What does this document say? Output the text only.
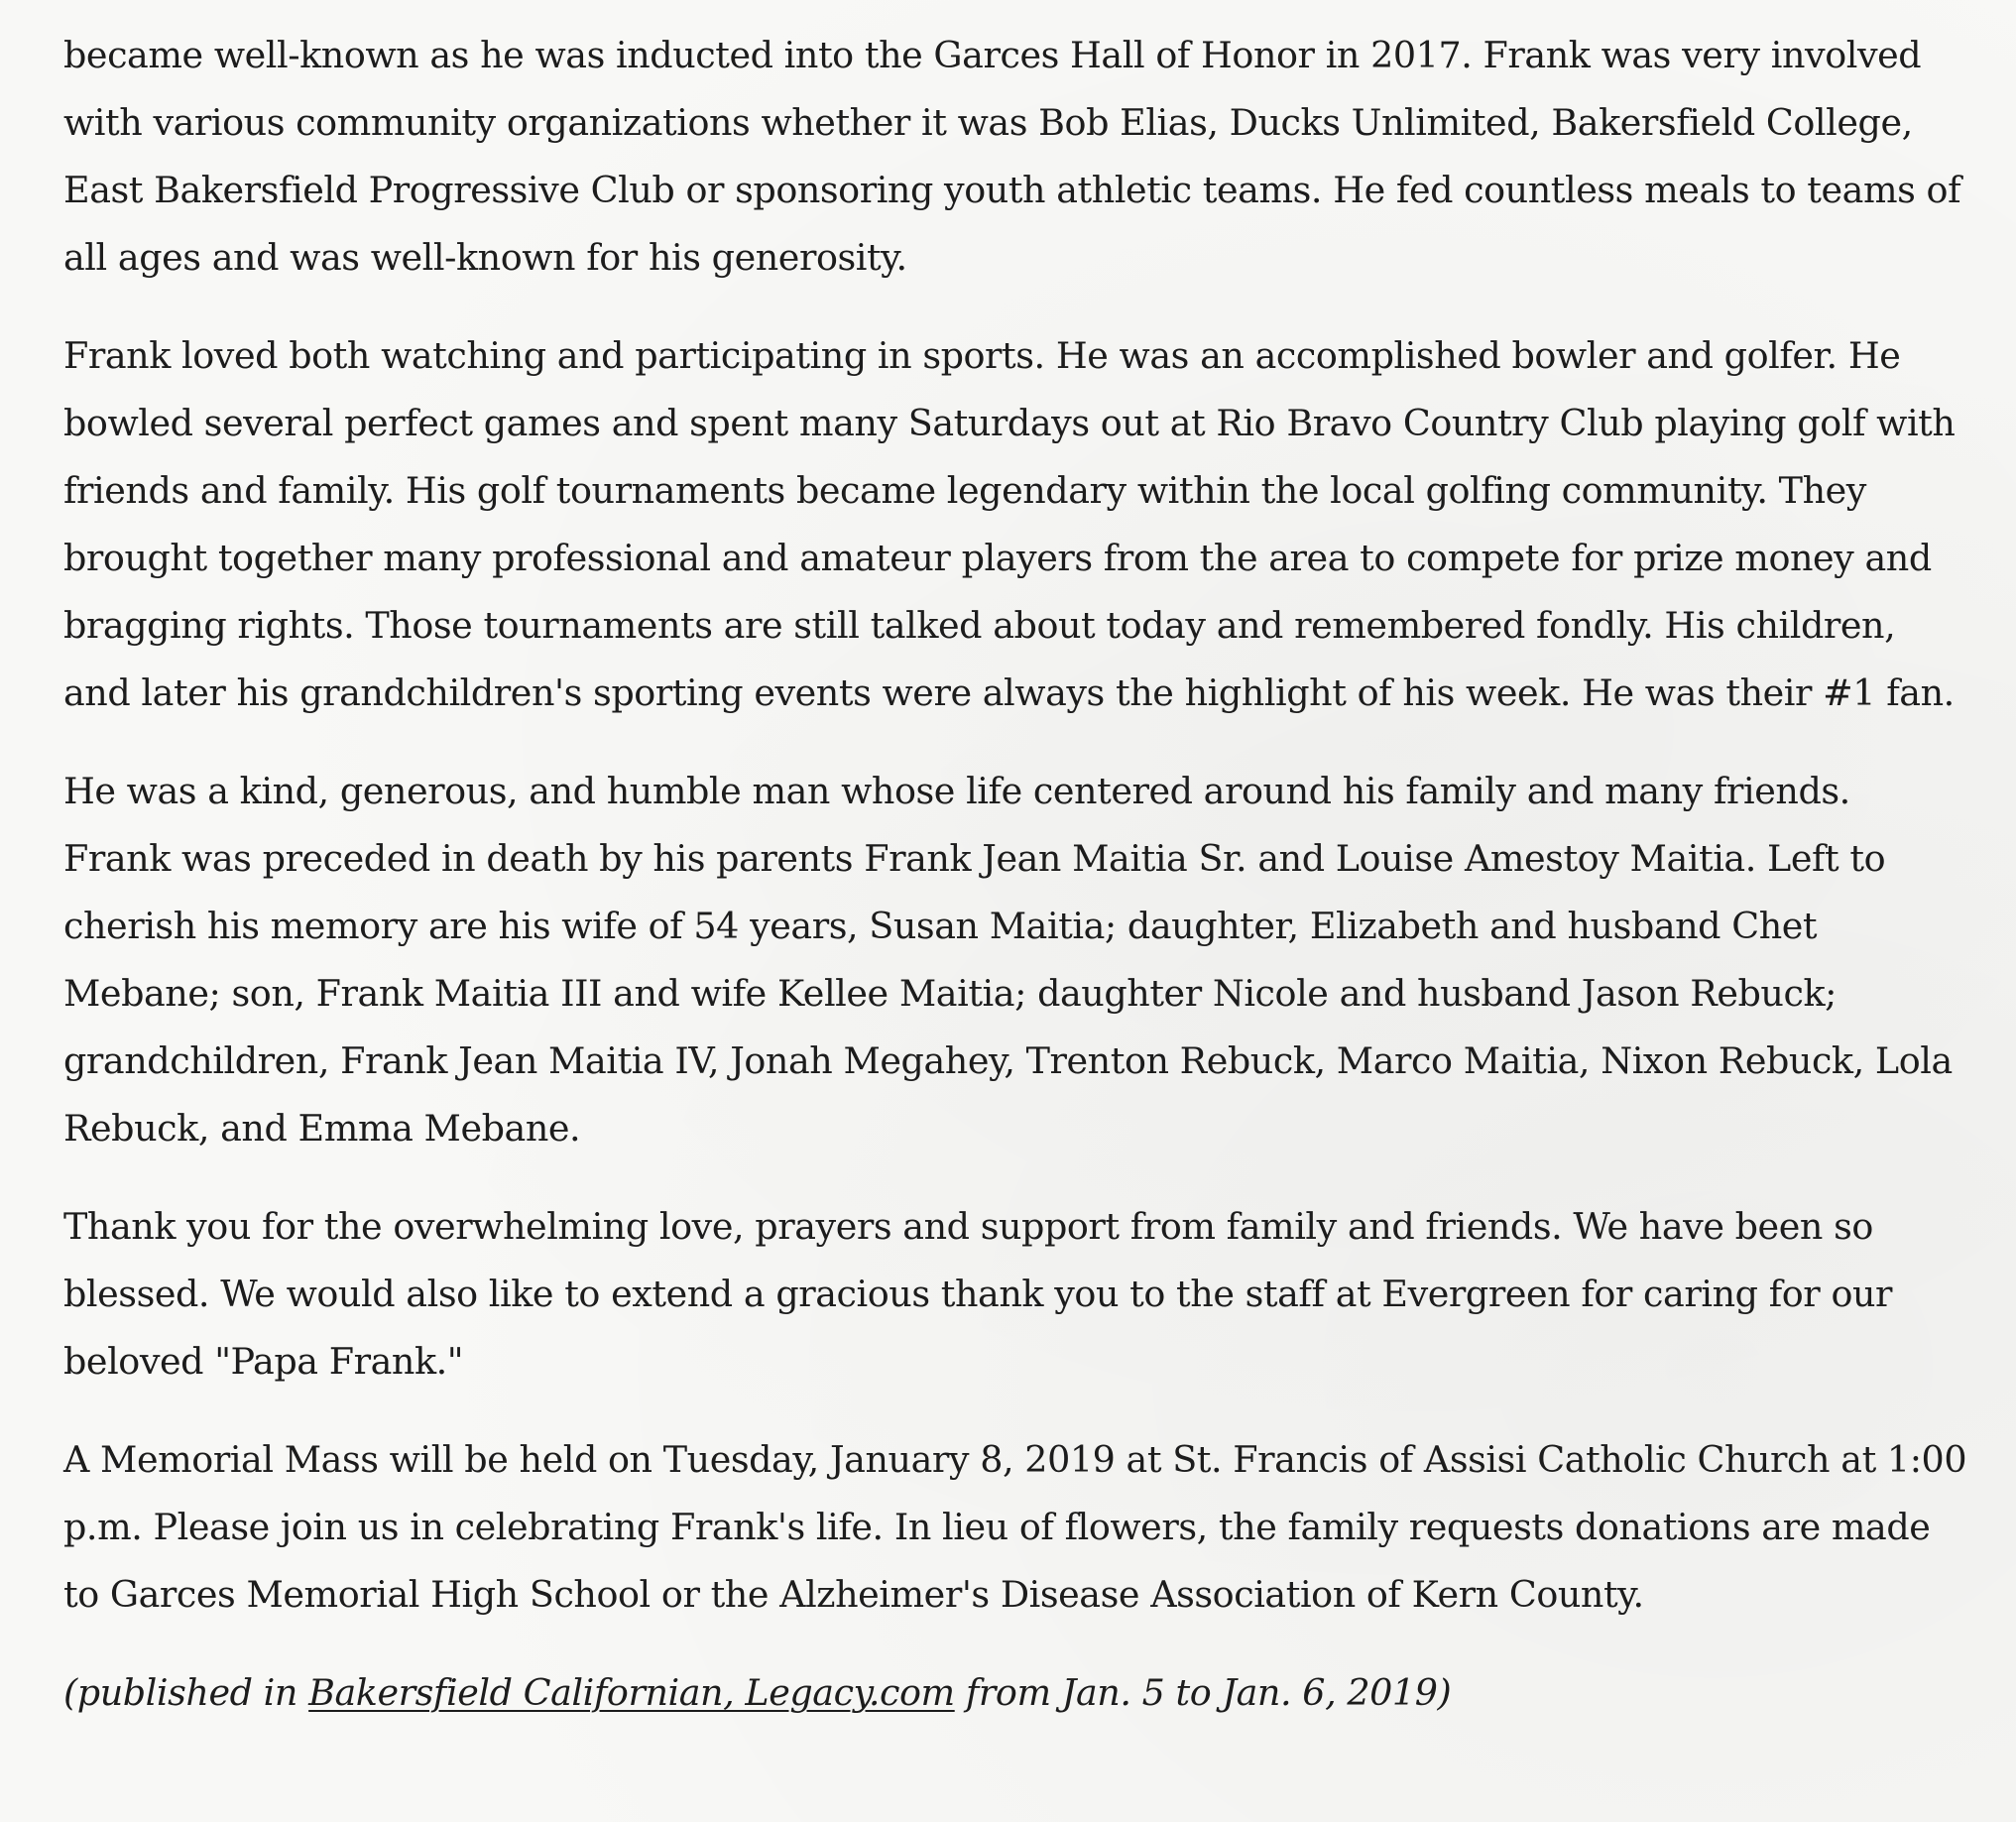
became well-known as he was inducted into the Garces Hall of Honor in 2017. Frank was very involved
with various community organizations whether it was Bob Elias, Ducks Unlimited, Bakersfield College,
East Bakersfield Progressive Club or sponsoring youth athletic teams. He fed countless meals to teams of
all ages and was well-known for his generosity.

Frank loved both watching and participating in sports. He was an accomplished bowler and golfer. He
bowled several perfect games and spent many Saturdays out at Rio Bravo Country Club playing golf with
friends and family. His golf tournaments became legendary within the local golfing community. They
brought together many professional and amateur players from the area to compete for prize money and
bragging rights. Those tournaments are still talked about today and remembered fondly. His children,
and later his grandchildren's sporting events were always the highlight of his week. He was their #1 fan.

He was a kind, generous, and humble man whose life centered around his family and many friends.
Frank was preceded in death by his parents Frank Jean Maitia Sr. and Louise Amestoy Maitia. Left to
cherish his memory are his wife of 54 years, Susan Maitia; daughter, Elizabeth and husband Chet
Mebane; son, Frank Maitia III and wife Kellee Maitia; daughter Nicole and husband Jason Rebuck;
grandchildren, Frank Jean Maitia IV, Jonah Megahey, Trenton Rebuck, Marco Maitia, Nixon Rebuck, Lola
Rebuck, and Emma Mebane.

Thank you for the overwhelming love, prayers and support from family and friends. We have been so
blessed. We would also like to extend a gracious thank you to the staff at Evergreen for caring for our
beloved "Papa Frank."

A Memorial Mass will be held on Tuesday, January 8, 2019 at St. Francis of Assisi Catholic Church at 1:00
p.m. Please join us in celebrating Frank's life. In lieu of flowers, the family requests donations are made
to Garces Memorial High School or the Alzheimer's Disease Association of Kern County.

(published in Bakersfield Californian, Legacy.com from Jan. 5 to Jan. 6, 2019)
